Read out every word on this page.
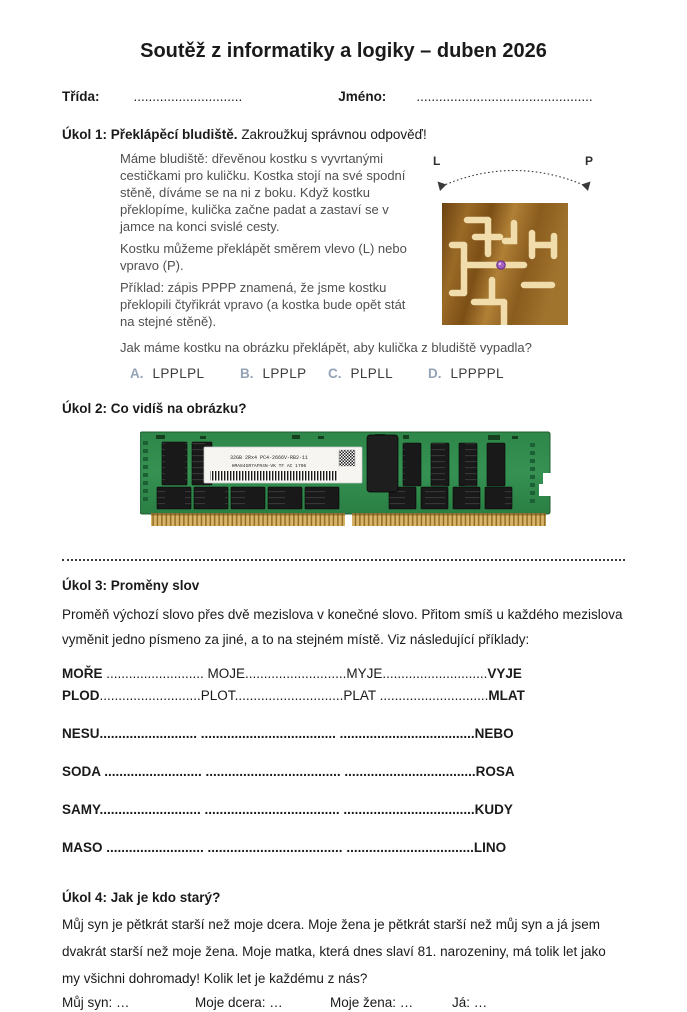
Soutěž z informatiky a logiky – duben 2026
Třída:	.............................	Jméno: ...............................................
Úkol 1: Překlápěcí bludiště. Zakroužkuj správnou odpověď!

Máme bludiště: dřevěnou kostku s vyvrtanými cestičkami pro kuličku. Kostka stojí na své spodní stěně, díváme se na ni z boku. Když kostku překlopíme, kulička začne padat a zastaví se v jamce na konci svislé cesty.

Kostku můžeme překlápět směrem vlevo (L) nebo vpravo (P).

Příklad: zápis PPPP znamená, že jsme kostku překlopili čtyřikrát vpravo (a kostka bude opět stát na stejné stěně).

L	P
Jak máme kostku na obrázku překlápět, aby kulička z bludiště vypadla?
A. LPPLPL	B. LPPLP	C. PLPLL	D. LPPPPL
Úkol 2: Co vidíš na obrázku?
32GB 2Rx4 PC4-2666V-RB2-11
HMA84GR7AFR4N-VK TF AC 1706
Úkol 3: Proměny slov
Proměň výchozí slovo přes dvě mezislova v konečné slovo. Přitom smíš u každého mezislova vyměnit jedno písmeno za jiné, a to na stejném místě. Viz následující příklady:
MOŘE .......................... MOJE...........................MYJE............................VYJE
PLOD...........................PLOT.............................PLAT .............................MLAT
NESU.......................... .................................... ....................................NEBO
SODA .......................... .................................... ...................................ROSA
SAMY........................... .................................... ...................................KUDY
MASO .......................... .................................... ..................................LINO
Úkol 4: Jak je kdo starý?
Můj syn je pětkrát starší než moje dcera. Moje žena je pětkrát starší než můj syn a já jsem dvakrát starší než moje žena. Moje matka, která dnes slaví 81. narozeniny, má tolik let jako my všichni dohromady! Kolik let je každému z nás?
Můj syn: …	Moje dcera: …	Moje žena: …	Já: …
